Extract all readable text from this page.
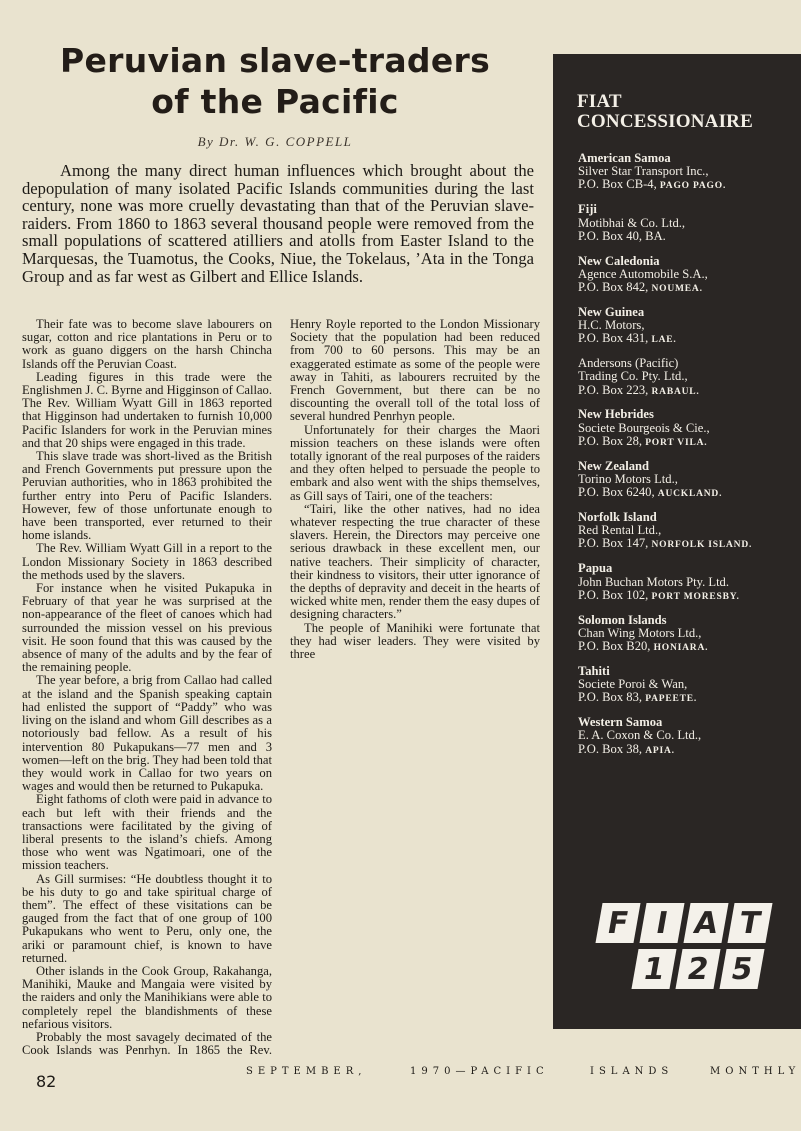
Peruvian slave-traders
of the Pacific
By Dr. W. G. COPPELL

Among the many direct human influences which brought about the depopulation of many isolated Pacific Islands communities during the last century, none was more cruelly devastating than that of the Peruvian slave-raiders. From 1860 to 1863 several thousand people were removed from the small populations of scattered atilliers and atolls from Easter Island to the Marquesas, the Tuamotus, the Cooks, Niue, the Tokelaus, ’Ata in the Tonga Group and as far west as Gilbert and Ellice Islands.

Their fate was to become slave labourers on sugar, cotton and rice plantations in Peru or to work as guano diggers on the harsh Chincha Islands off the Peruvian Coast.

Leading figures in this trade were the Englishmen J. C. Byrne and Higginson of Callao. The Rev. William Wyatt Gill in 1863 reported that Higginson had undertaken to furnish 10,000 Pacific Islanders for work in the Peruvian mines and that 20 ships were engaged in this trade.

This slave trade was short-lived as the British and French Governments put pressure upon the Peruvian authorities, who in 1863 prohibited the further entry into Peru of Pacific Islanders. However, few of those unfortunate enough to have been transported, ever returned to their home islands.

The Rev. William Wyatt Gill in a report to the London Missionary Society in 1863 described the methods used by the slavers.

For instance when he visited Pukapuka in February of that year he was surprised at the non-appearance of the fleet of canoes which had surrounded the mission vessel on his previous visit. He soon found that this was caused by the absence of many of the adults and by the fear of the remaining people.

The year before, a brig from Callao had called at the island and the Spanish speaking captain had enlisted the support of “Paddy” who was living on the island and whom Gill describes as a notoriously bad fellow. As a result of his intervention 80 Pukapukans—77 men and 3 women—left on the brig. They had been told that they would work in Callao for two years on wages and would then be returned to Pukapuka.

Eight fathoms of cloth were paid in advance to each but left with their friends and the transactions were facilitated by the giving of liberal presents to the island’s chiefs. Among those who went was Ngatimoari, one of the mission teachers.

As Gill surmises: “He doubtless thought it to be his duty to go and take spiritual charge of them”. The effect of these visitations can be gauged from the fact that of one group of 100 Pukapukans who went to Peru, only one, the ariki or paramount chief, is known to have returned.

Other islands in the Cook Group, Rakahanga, Manihiki, Mauke and Mangaia were visited by the raiders and only the Manihikians were able to completely repel the blandishments of these nefarious visitors.

Probably the most savagely decimated of the Cook Islands was Penrhyn. In 1865 the Rev. Henry Royle reported to the London Missionary Society that the population had been reduced from 700 to 60 persons. This may be an exaggerated estimate as some of the people were away in Tahiti, as labourers recruited by the French Government, but there can be no discounting the overall toll of the total loss of several hundred Penrhyn people.

Unfortunately for their charges the Maori mission teachers on these islands were often totally ignorant of the real purposes of the raiders and they often helped to persuade the people to embark and also went with the ships themselves, as Gill says of Tairi, one of the teachers:

“Tairi, like the other natives, had no idea whatever respecting the true character of these slavers. Herein, the Directors may perceive one serious drawback in these excellent men, our native teachers. Their simplicity of character, their kindness to visitors, their utter ignorance of the depths of depravity and deceit in the hearts of wicked white men, render them the easy dupes of designing characters.”

The people of Manihiki were fortunate that they had wiser leaders. They were visited by three

FIAT
CONCESSIONAIRE
American Samoa
Silver Star Transport Inc.,
P.O. Box CB-4, PAGO PAGO.
Fiji
Motibhai & Co. Ltd.,
P.O. Box 40, BA.
New Caledonia
Agence Automobile S.A.,
P.O. Box 842, NOUMEA.
New Guinea
H.C. Motors,
P.O. Box 431, LAE.
Andersons (Pacific)
Trading Co. Pty. Ltd.,
P.O. Box 223, RABAUL.
New Hebrides
Societe Bourgeois & Cie.,
P.O. Box 28, PORT VILA.
New Zealand
Torino Motors Ltd.,
P.O. Box 6240, AUCKLAND.
Norfolk Island
Red Rental Ltd.,
P.O. Box 147, NORFOLK ISLAND.
Papua
John Buchan Motors Pty. Ltd.
P.O. Box 102, PORT MORESBY.
Solomon Islands
Chan Wing Motors Ltd.,
P.O. Box B20, HONIARA.
Tahiti
Societe Poroi & Wan,
P.O. Box 83, PAPEETE.
Western Samoa
E. A. Coxon & Co. Ltd.,
P.O. Box 38, APIA.
F I A T
1 2 5
SEPTEMBER,	1970—PACIFIC	ISLANDS	MONTHLY
82
